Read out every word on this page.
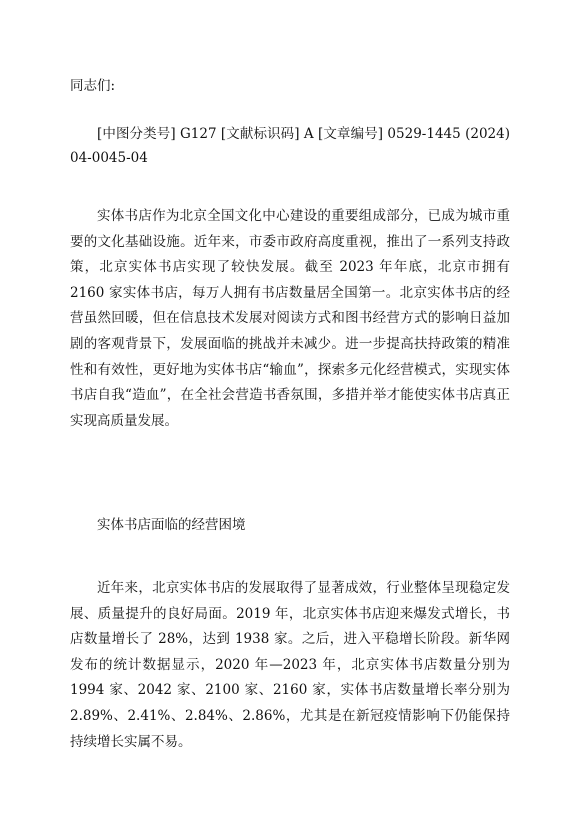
同志们:

[中图分类号] G127 [文献标识码] A [文章编号] 0529-1445 (2024) 04-0045-04

实体书店作为北京全国文化中心建设的重要组成部分，已成为城市重要的文化基础设施。近年来，市委市政府高度重视，推出了一系列支持政策，北京实体书店实现了较快发展。截至 2023 年年底，北京市拥有 2160 家实体书店，每万人拥有书店数量居全国第一。北京实体书店的经营虽然回暖，但在信息技术发展对阅读方式和图书经营方式的影响日益加剧的客观背景下，发展面临的挑战并未减少。进一步提高扶持政策的精准性和有效性，更好地为实体书店“输血”，探索多元化经营模式，实现实体书店自我“造血”，在全社会营造书香氛围，多措并举才能使实体书店真正实现高质量发展。

实体书店面临的经营困境

近年来，北京实体书店的发展取得了显著成效，行业整体呈现稳定发展、质量提升的良好局面。2019 年，北京实体书店迎来爆发式增长，书店数量增长了 28%，达到 1938 家。之后，进入平稳增长阶段。新华网发布的统计数据显示，2020 年—2023 年，北京实体书店数量分别为 1994 家、2042 家、2100 家、2160 家，实体书店数量增长率分别为 2.89%、2.41%、2.84%、2.86%，尤其是在新冠疫情影响下仍能保持持续增长实属不易。
